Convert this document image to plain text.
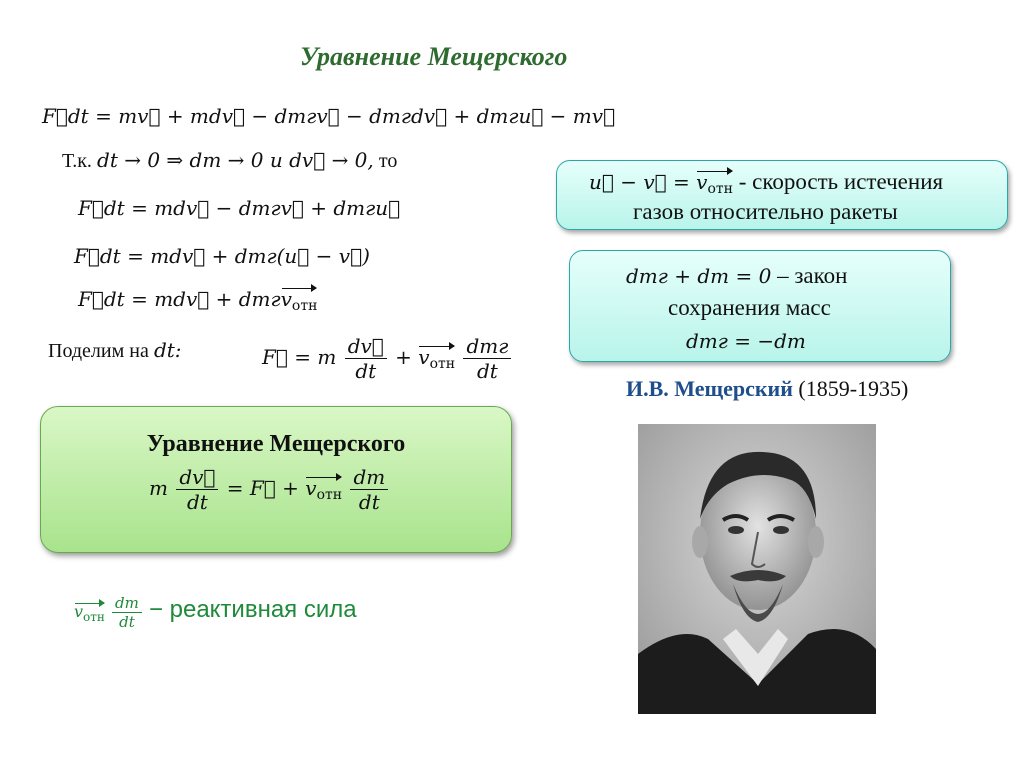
Уравнение Мещерского
F⃗dt = mv⃗ + mdv⃗ − dmгv⃗ − dmгdv⃗ + dmгu⃗ − mv⃗
Т.к. dt → 0 ⇒ dm → 0 и dv⃗ → 0, то
F⃗dt = mdv⃗ − dmгv⃗ + dmгu⃗
F⃗dt = mdv⃗ + dmг(u⃗ − v⃗)
F⃗dt = mdv⃗ + dmгv$_{отн}$
Поделим на dt:	F⃗ = m $\frac{dv⃗}{dt} + v_{отн} \frac{\text{dmг}}{dt}$
u⃗ − v⃗ = $v_{отн}$ - скорость истечения
газов относительно ракеты
dmг + dm = 0 – закон
сохранения масс
dmг = −dm
И.В. Мещерский (1859-1935)
Уравнение Мещерского
m $\frac{dv⃗}{dt}$ = F⃗ + $v_{отн} \frac{dm}{dt}$
$v_{отн} \frac{dm}{dt}$ − реактивная сила
